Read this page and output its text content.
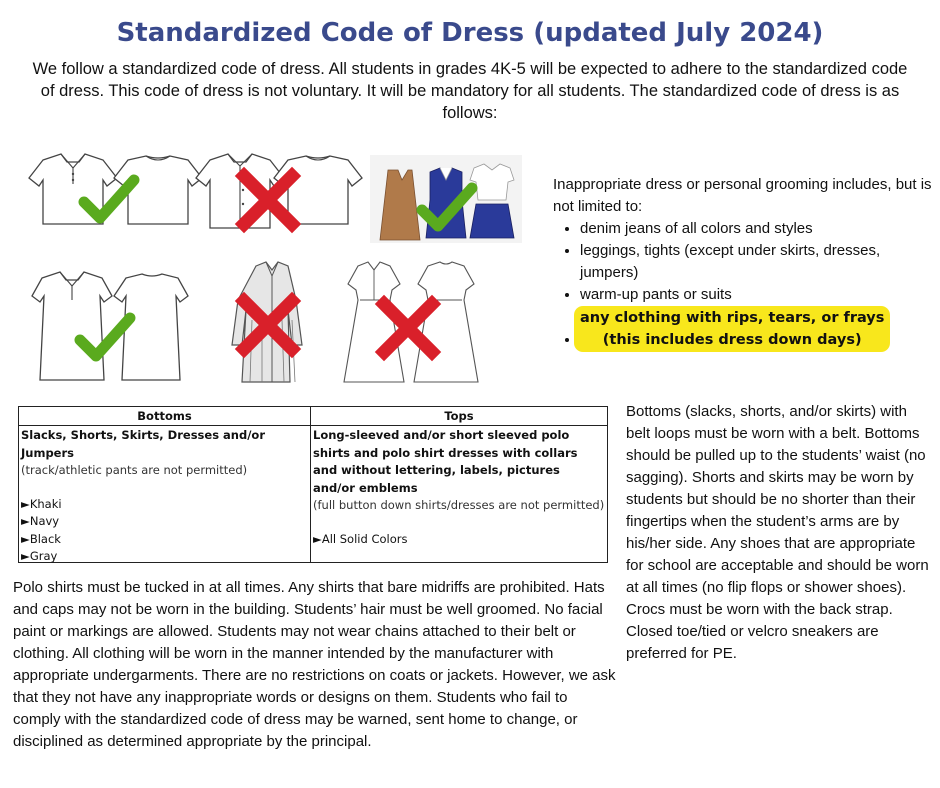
Standardized Code of Dress (updated July 2024)
We follow a standardized code of dress. All students in grades 4K-5 will be expected to adhere to the standardized code of dress. This code of dress is not voluntary. It will be mandatory for all students. The standardized code of dress is as follows:
Inappropriate dress or personal grooming includes, but is not limited to:
• denim jeans of all colors and styles
• leggings, tights (except under skirts, dresses, jumpers)
• warm-up pants or suits
• any clothing with rips, tears, or frays
(this includes dress down days)
Bottoms
Slacks, Shorts, Skirts, Dresses and/or Jumpers
(track/athletic pants are not permitted)
►Khaki
►Navy
►Black
►Gray
Tops
Long-sleeved and/or short sleeved polo shirts and polo shirt dresses with collars and without lettering, labels, pictures and/or emblems
(full button down shirts/dresses are not permitted)
►All Solid Colors
Bottoms (slacks, shorts, and/or skirts) with belt loops must be worn with a belt. Bottoms should be pulled up to the students’ waist (no sagging). Shorts and skirts may be worn by students but should be no shorter than their fingertips when the student’s arms are by his/her side. Any shoes that are appropriate for school are acceptable and should be worn at all times (no flip flops or shower shoes). Crocs must be worn with the back strap. Closed toe/tied or velcro sneakers are preferred for PE.
Polo shirts must be tucked in at all times. Any shirts that bare midriffs are prohibited. Hats and caps may not be worn in the building. Students’ hair must be well groomed. No facial paint or markings are allowed. Students may not wear chains attached to their belt or clothing. All clothing will be worn in the manner intended by the manufacturer with appropriate undergarments. There are no restrictions on coats or jackets. However, we ask that they not have any inappropriate words or designs on them. Students who fail to comply with the standardized code of dress may be warned, sent home to change, or disciplined as determined appropriate by the principal.
